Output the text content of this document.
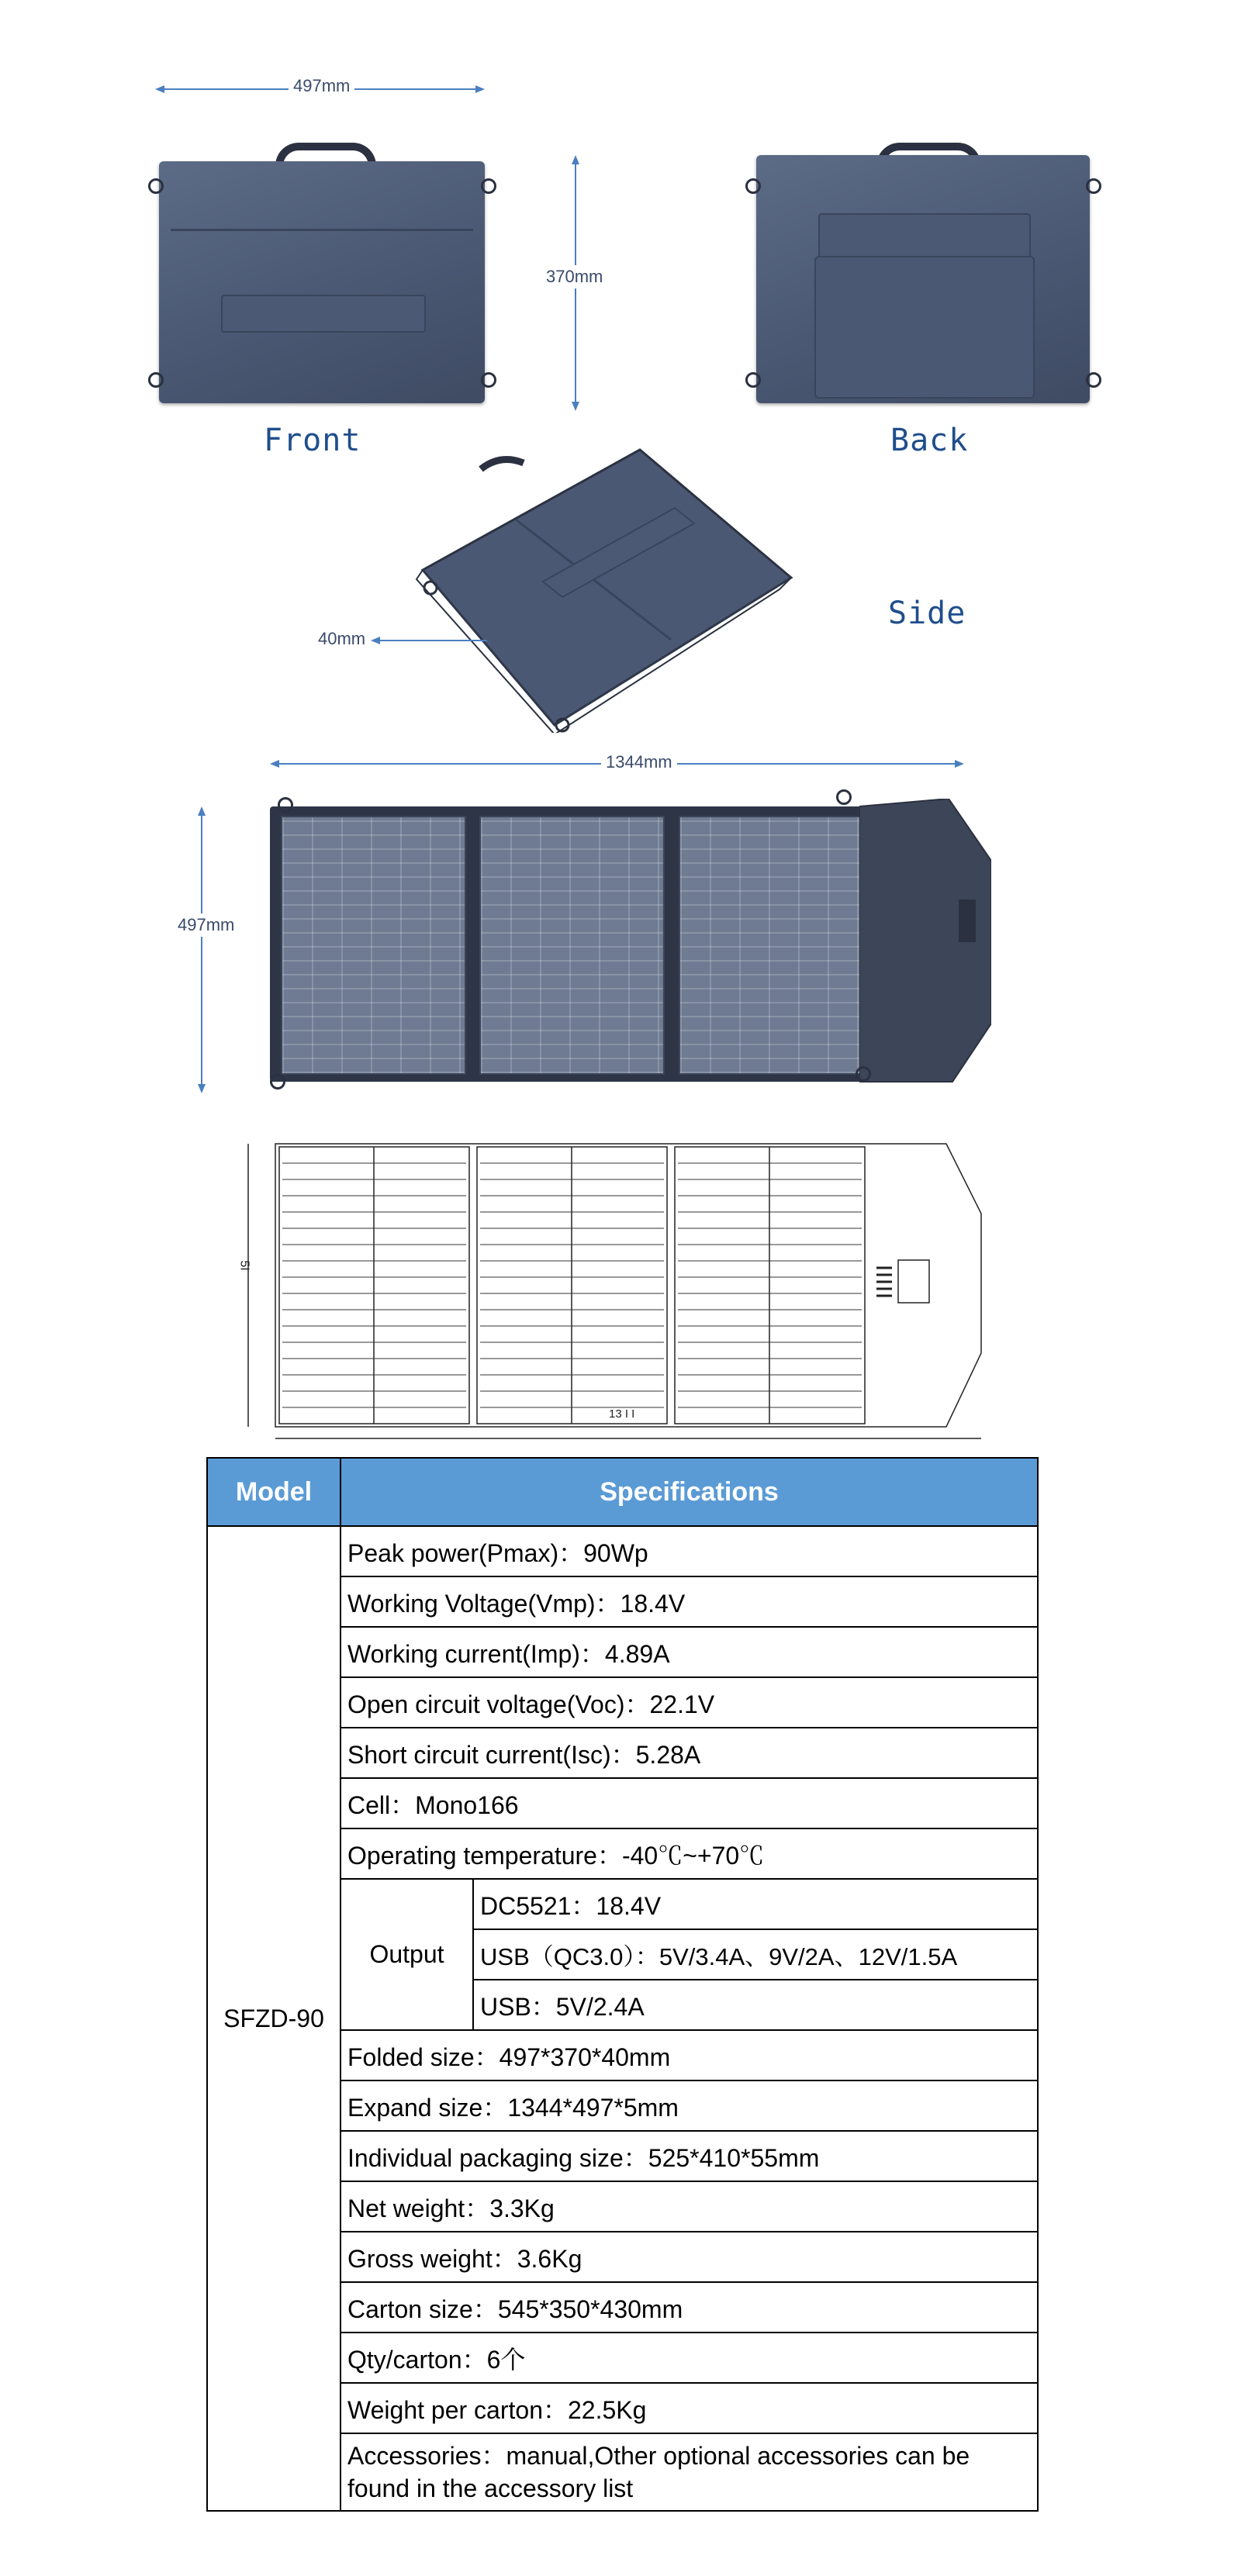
497mm
Front
370mm
Back
Side
40mm
1344mm
497mm
5I
13 I I
Model	Specifications	
SFZD-90	Peak power(Pmax)：90Wp	
	Working Voltage(Vmp)：18.4V	
	Working current(Imp)：4.89A	
	Open circuit voltage(Voc)：22.1V	
	Short circuit current(Isc)：5.28A	
	Cell：Mono166	
	Operating temperature：-40℃~+70℃	
	Output	DC5521：18.4V
		USB（QC3.0）：5V/3.4A、9V/2A、12V/1.5A
		USB：5V/2.4A
	Folded size：497*370*40mm	
	Expand size：1344*497*5mm	
	Individual packaging size：525*410*55mm	
	Net weight：3.3Kg	
	Gross weight：3.6Kg	
	Carton size：545*350*430mm	
	Qty/carton：6个	
	Weight per carton：22.5Kg	
	Accessories：manual,Other optional accessories can be found in the accessory list	
